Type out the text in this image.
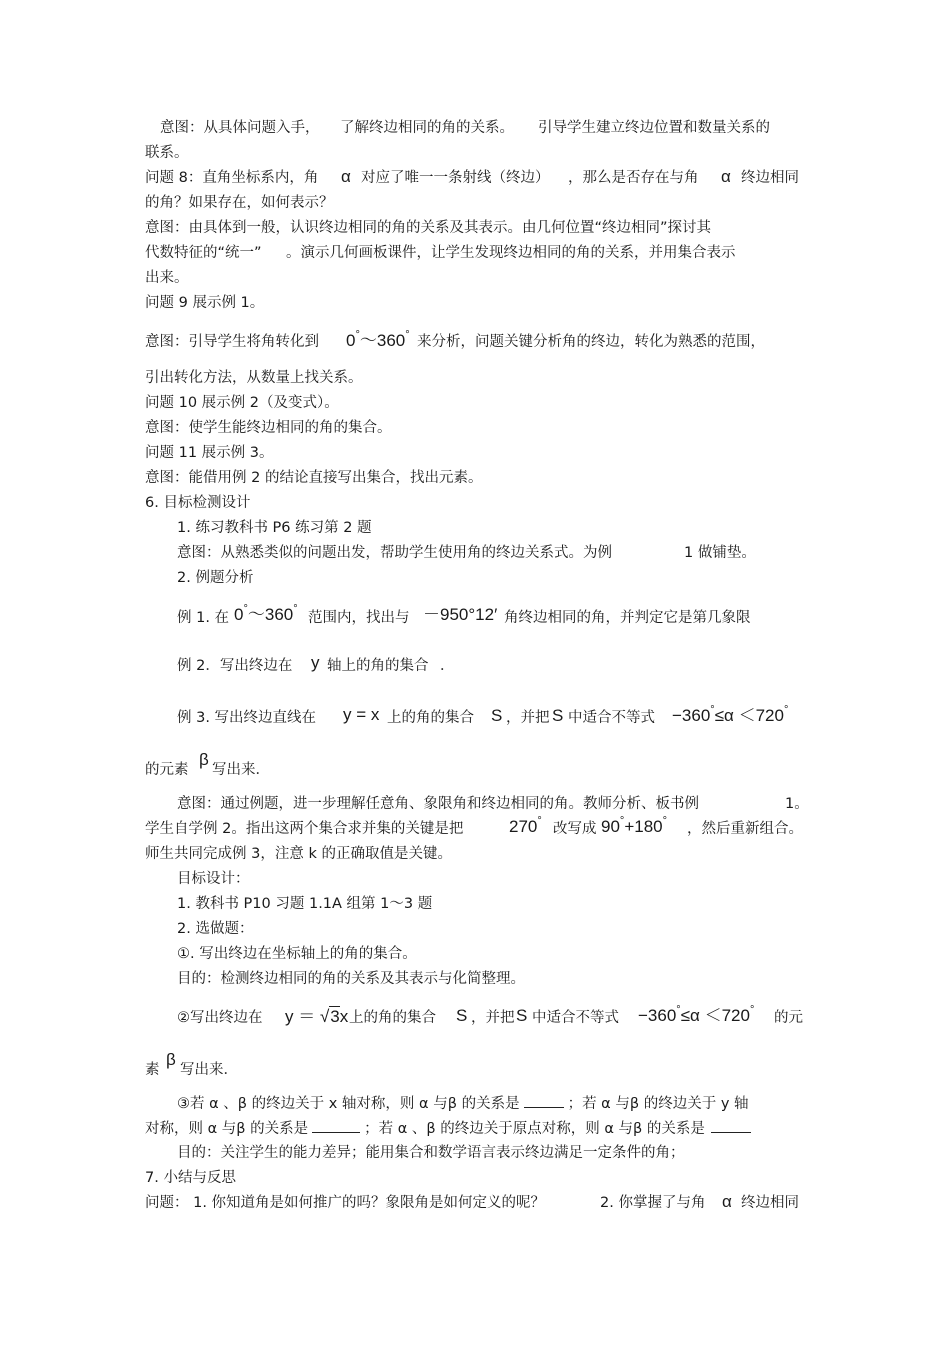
意图：从具体问题入手， 了解终边相同的角的关系。 引导学生建立终边位置和数量关系的
联系。
问题 8：直角坐标系内，角 α 对应了唯一一条射线（终边） ，那么是否存在与角 α 终边相同
的角？如果存在，如何表示？
意图：由具体到一般，认识终边相同的角的关系及其表示。由几何位置“终边相同”探讨其
代数特征的“统一” 。演示几何画板课件，让学生发现终边相同的角的关系，并用集合表示
出来。
问题 9 展示例 1。
意图：引导学生将角转化到 0°～360° 来分析，问题关键分析角的终边，转化为熟悉的范围，
引出转化方法，从数量上找关系。
问题 10 展示例 2（及变式）。
意图：使学生能终边相同的角的集合。
问题 11 展示例 3。
意图：能借用例 2 的结论直接写出集合，找出元素。
6. 目标检测设计
1. 练习教科书 P6 练习第 2 题
意图：从熟悉类似的问题出发，帮助学生使用角的终边关系式。为例	1 做铺垫。
2. 例题分析
例 1. 在 0°～360°
范围内，找出与 －950°12′ 角终边相同的角，并判定它是第几象限
例 2．写出终边在 y 轴上的角的集合 ．
例 3. 写出终边直线在 y = x 上的角的集合 S ，并把 S 中适合不等式 −360°≤α ＜720°
的元素
β
写出来．
意图：通过例题，进一步理解任意角、象限角和终边相同的角。教师分析、板书例	1。
学生自学例 2。指出这两个集合求并集的关键是把	270° 改写成 90°+180° ，然后重新组合。
师生共同完成例 3，注意 k 的正确取值是关键。
目标设计：
1. 教科书 P10 习题 1.1A 组第 1～3 题
2. 选做题：
①. 写出终边在坐标轴上的角的集合。
目的：检测终边相同的角的关系及其表示与化简整理。
②写出终边在 y ＝ √3x 上的角的集合 S ，并把 S 中适合不等式 −360°≤α ＜720° 的元
素
β
写出来．
③若 α 、β 的终边关于 x 轴对称，则 α 与β 的关系是	；若 α 与β 的终边关于 y 轴
对称，则 α 与β 的关系是	；若 α 、β 的终边关于原点对称，则 α 与β 的关系是
目的：关注学生的能力差异；能用集合和数学语言表示终边满足一定条件的角；
7. 小结与反思
问题： 1. 你知道角是如何推广的吗？象限角是如何定义的呢？	2. 你掌握了与角 α 终边相同
